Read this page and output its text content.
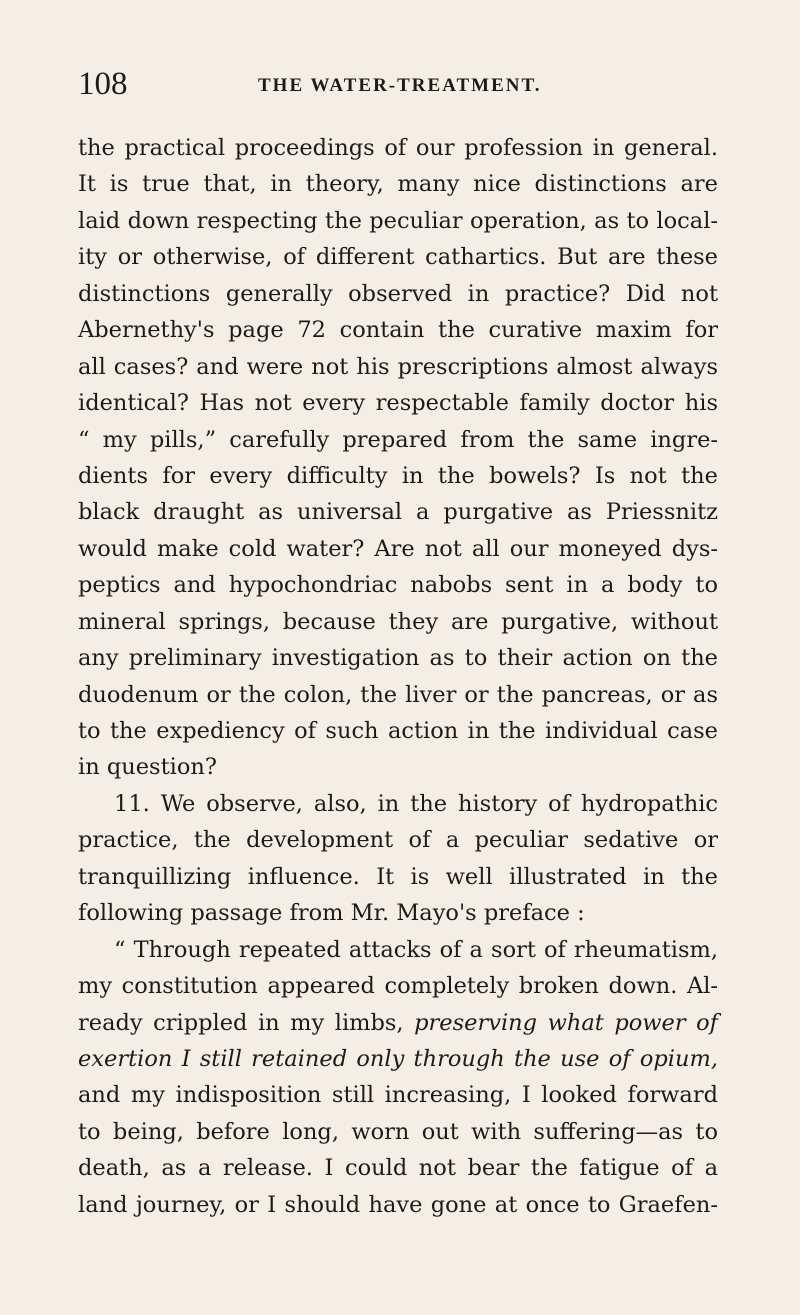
108	THE WATER-TREATMENT.
the practical proceedings of our profession in general.
It is true that, in theory, many nice distinctions are
laid down respecting the peculiar operation, as to local-
ity or otherwise, of different cathartics. But are these
distinctions generally observed in practice? Did not
Abernethy's page 72 contain the curative maxim for
all cases? and were not his prescriptions almost always
identical? Has not every respectable family doctor his
“ my pills,” carefully prepared from the same ingre-
dients for every difficulty in the bowels? Is not the
black draught as universal a purgative as Priessnitz
would make cold water? Are not all our moneyed dys-
peptics and hypochondriac nabobs sent in a body to
mineral springs, because they are purgative, without
any preliminary investigation as to their action on the
duodenum or the colon, the liver or the pancreas, or as
to the expediency of such action in the individual case
in question?
11. We observe, also, in the history of hydropathic
practice, the development of a peculiar sedative or
tranquillizing influence. It is well illustrated in the
following passage from Mr. Mayo's preface :
“ Through repeated attacks of a sort of rheumatism,
my constitution appeared completely broken down. Al-
ready crippled in my limbs, preserving what power of
exertion I still retained only through the use of opium,
and my indisposition still increasing, I looked forward
to being, before long, worn out with suffering—as to
death, as a release. I could not bear the fatigue of a
land journey, or I should have gone at once to Graefen-
